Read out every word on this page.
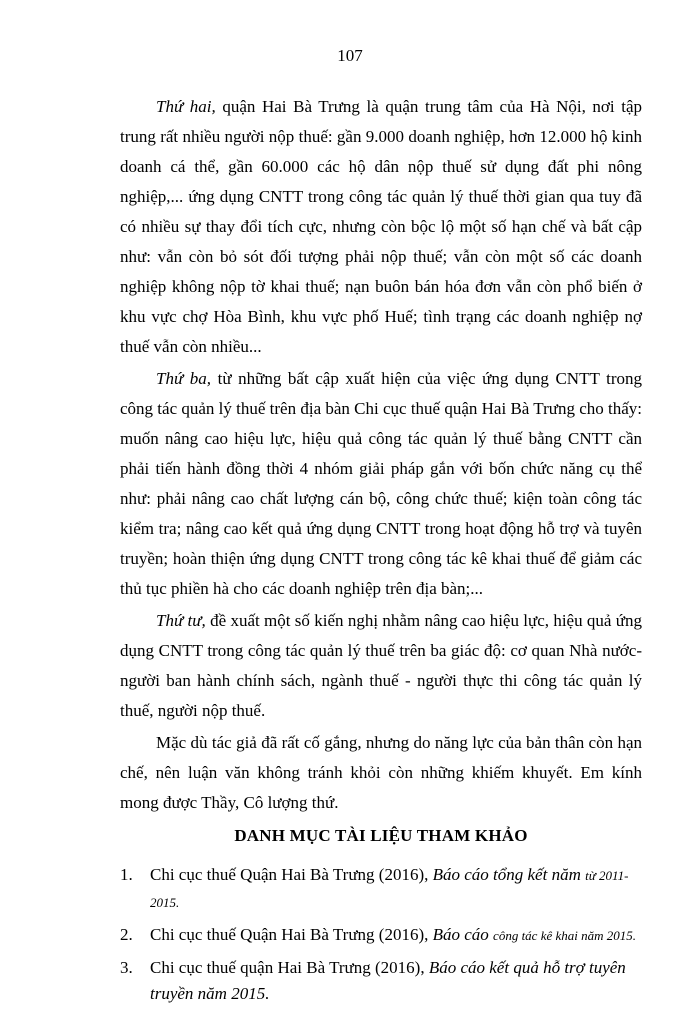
107

Thứ hai, quận Hai Bà Trưng là quận trung tâm của Hà Nội, nơi tập trung rất nhiều người nộp thuế: gần 9.000 doanh nghiệp, hơn 12.000 hộ kinh doanh cá thể, gần 60.000 các hộ dân nộp thuế sử dụng đất phi nông nghiệp,... ứng dụng CNTT trong công tác quản lý thuế thời gian qua tuy đã có nhiều sự thay đổi tích cực, nhưng còn bộc lộ một số hạn chế và bất cập như: vẫn còn bỏ sót đối tượng phải nộp thuế; vẫn còn một số các doanh nghiệp không nộp tờ khai thuế; nạn buôn bán hóa đơn vẫn còn phổ biến ở khu vực chợ Hòa Bình, khu vực phố Huế; tình trạng các doanh nghiệp nợ thuế vẫn còn nhiều...

Thứ ba, từ những bất cập xuất hiện của việc ứng dụng CNTT trong công tác quản lý thuế trên địa bàn Chi cục thuế quận Hai Bà Trưng cho thấy: muốn nâng cao hiệu lực, hiệu quả công tác quản lý thuế bằng CNTT cần phải tiến hành đồng thời 4 nhóm giải pháp gắn với bốn chức năng cụ thể như: phải nâng cao chất lượng cán bộ, công chức thuế; kiện toàn công tác kiểm tra; nâng cao kết quả ứng dụng CNTT trong hoạt động hỗ trợ và tuyên truyền; hoàn thiện ứng dụng CNTT trong công tác kê khai thuế để giảm các thủ tục phiền hà cho các doanh nghiệp trên địa bàn;...

Thứ tư, đề xuất một số kiến nghị nhằm nâng cao hiệu lực, hiệu quả ứng dụng CNTT trong công tác quản lý thuế trên ba giác độ: cơ quan Nhà nước- người ban hành chính sách, ngành thuế - người thực thi công tác quản lý thuế, người nộp thuế.

Mặc dù tác giả đã rất cố gắng, nhưng do năng lực của bản thân còn hạn chế, nên luận văn không tránh khỏi còn những khiếm khuyết. Em kính mong được Thầy, Cô lượng thứ.

DANH MỤC TÀI LIỆU THAM KHẢO
1. Chi cục thuế Quận Hai Bà Trưng (2016), Báo cáo tổng kết năm từ 2011-2015.
2. Chi cục thuế Quận Hai Bà Trưng (2016), Báo cáo công tác kê khai năm 2015.
3. Chi cục thuế quận Hai Bà Trưng (2016), Báo cáo kết quả hỗ trợ tuyên truyền năm 2015.
